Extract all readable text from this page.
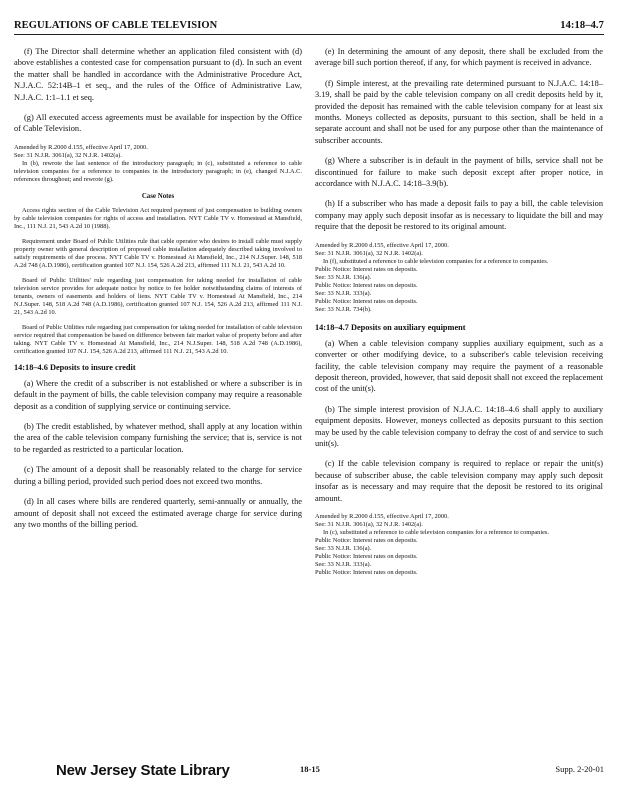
REGULATIONS OF CABLE TELEVISION	14:18–4.7

(f) The Director shall determine whether an application filed consistent with (d) above establishes a contested case for compensation pursuant to (d). In such an event the matter shall be handled in accordance with the Administrative Procedure Act, N.J.A.C. 52:14B–1 et seq., and the rules of the Office of Administrative Law, N.J.A.C. 1:1–1.1 et seq.

(g) All executed access agreements must be available for inspection by the Office of Cable Television.

Amended by R.2000 d.155, effective April 17, 2000.

See: 31 N.J.R. 3061(a), 32 N.J.R. 1402(a).

In (b), rewrote the last sentence of the introductory paragraph; in (c), substituted a reference to cable television companies for a reference to companies in the introductory paragraph; in (e), changed N.J.A.C. references throughout; and rewrote (g).

Case Notes

Access rights section of the Cable Television Act required payment of just compensation to building owners by cable television companies for rights of access and installation. NYT Cable TV v. Homestead at Mansfield, Inc., 111 N.J. 21, 543 A.2d 10 (1988).

Requirement under Board of Public Utilities rule that cable operator who desires to install cable must supply property owner with general description of proposed cable installation adequately described taking involved to satisfy requirements of due process. NYT Cable TV v. Homestead At Mansfield, Inc., 214 N.J.Super. 148, 518 A.2d 748 (A.D.1986), certification granted 107 N.J. 154, 526 A.2d 213, affirmed 111 N.J. 21, 543 A.2d 10.

Board of Public Utilities' rule regarding just compensation for taking needed for installation of cable television service provides for adequate notice by notice to fee holder notwithstanding claims of interests of tenants, owners of easements and holders of liens. NYT Cable TV v. Homestead At Mansfield, Inc., 214 N.J.Super. 148, 518 A.2d 748 (A.D.1986), certification granted 107 N.J. 154, 526 A.2d 213, affirmed 111 N.J. 21, 543 A.2d 10.

Board of Public Utilities rule regarding just compensation for taking needed for installation of cable television service required that compensation be based on difference between fair market value of property before and after taking. NYT Cable TV v. Homestead At Mansfield, Inc., 214 N.J.Super. 148, 518 A.2d 748 (A.D.1986), certification granted 107 N.J. 154, 526 A.2d 213, affirmed 111 N.J. 21, 543 A.2d 10.

14:18–4.6 Deposits to insure credit

(a) Where the credit of a subscriber is not established or where a subscriber is in default in the payment of bills, the cable television company may require a reasonable deposit as a condition of supplying service or continuing service.

(b) The credit established, by whatever method, shall apply at any location within the area of the cable television company furnishing the service; that is, service is not to be regarded as restricted to a particular location.

(c) The amount of a deposit shall be reasonably related to the charge for service during a billing period, provided such period does not exceed two months.

(d) In all cases where bills are rendered quarterly, semi-annually or annually, the amount of deposit shall not exceed the estimated average charge for service during any two months of the billing period.

(e) In determining the amount of any deposit, there shall be excluded from the average bill such portion thereof, if any, for which payment is received in advance.

(f) Simple interest, at the prevailing rate determined pursuant to N.J.A.C. 14:18–3.19, shall be paid by the cable television company on all credit deposits held by it, provided the deposit has remained with the cable television company for at least six months. Moneys collected as deposits, pursuant to this section, shall be held in a separate account and shall not be used for any purpose other than the maintenance of subscriber accounts.

(g) Where a subscriber is in default in the payment of bills, service shall not be discontinued for failure to make such deposit except after proper notice, in accordance with N.J.A.C. 14:18–3.9(b).

(h) If a subscriber who has made a deposit fails to pay a bill, the cable television company may apply such deposit insofar as is necessary to liquidate the bill and may require that the deposit be restored to its original amount.

Amended by R.2000 d.155, effective April 17, 2000.

See: 31 N.J.R. 3061(a), 32 N.J.R. 1402(a).

In (f), substituted a reference to cable television companies for a reference to companies.

Public Notice: Interest rates on deposits.

See: 33 N.J.R. 136(a).

Public Notice: Interest rates on deposits.

See: 33 N.J.R. 333(a).

Public Notice: Interest rates on deposits.

See: 33 N.J.R. 734(b).

14:18–4.7 Deposits on auxiliary equipment

(a) When a cable television company supplies auxiliary equipment, such as a converter or other modifying device, to a subscriber's cable television receiving facility, the cable television company may require the payment of a reasonable deposit thereon, provided, however, that said deposit shall not exceed the replacement cost of the unit(s).

(b) The simple interest provision of N.J.A.C. 14:18–4.6 shall apply to auxiliary equipment deposits. However, moneys collected as deposits pursuant to this section may be used by the cable television company to defray the cost of and service to such unit(s).

(c) If the cable television company is required to replace or repair the unit(s) because of subscriber abuse, the cable television company may apply such deposit insofar as is necessary and may require that the deposit be restored to its original amount.

Amended by R.2000 d.155, effective April 17, 2000.

See: 31 N.J.R. 3061(a), 32 N.J.R. 1402(a).

In (c), substituted a reference to cable television companies for a reference to companies.

Public Notice: Interest rates on deposits.

See: 33 N.J.R. 136(a).

Public Notice: Interest rates on deposits.

See: 33 N.J.R. 333(a).

Public Notice: Interest rates on deposits.

New Jersey State Library	18-15	Supp. 2-20-01
